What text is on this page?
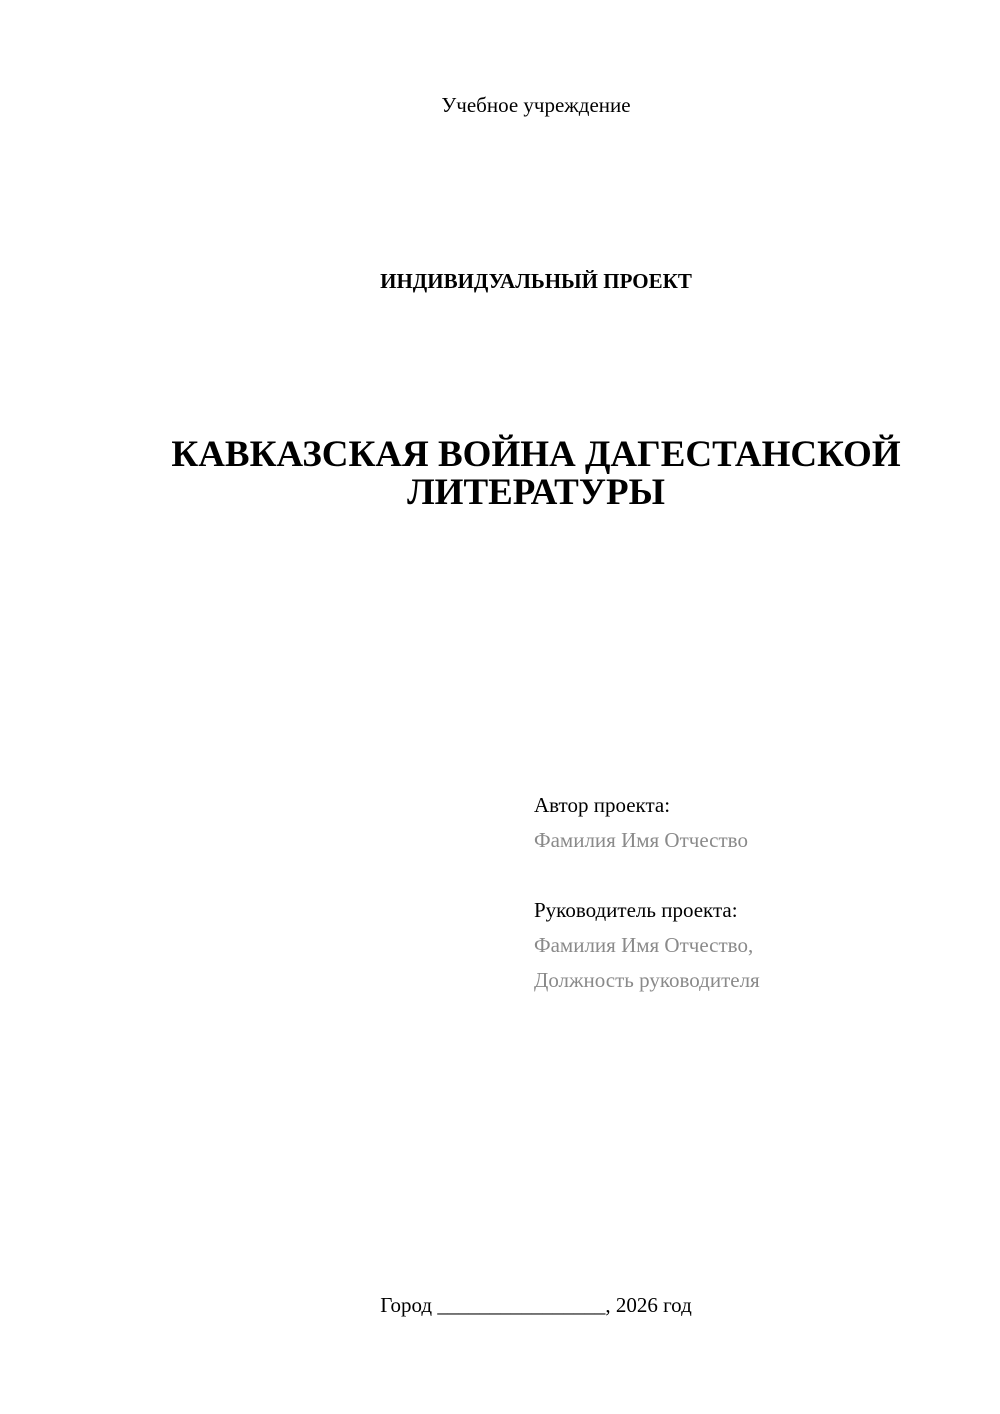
Учебное учреждение
ИНДИВИДУАЛЬНЫЙ ПРОЕКТ
КАВКАЗСКАЯ ВОЙНА ДАГЕСТАНСКОЙ
ЛИТЕРАТУРЫ
Автор проекта:
Фамилия Имя Отчество
Руководитель проекта:
Фамилия Имя Отчество,
Должность руководителя
Город ________________, 2026 год
